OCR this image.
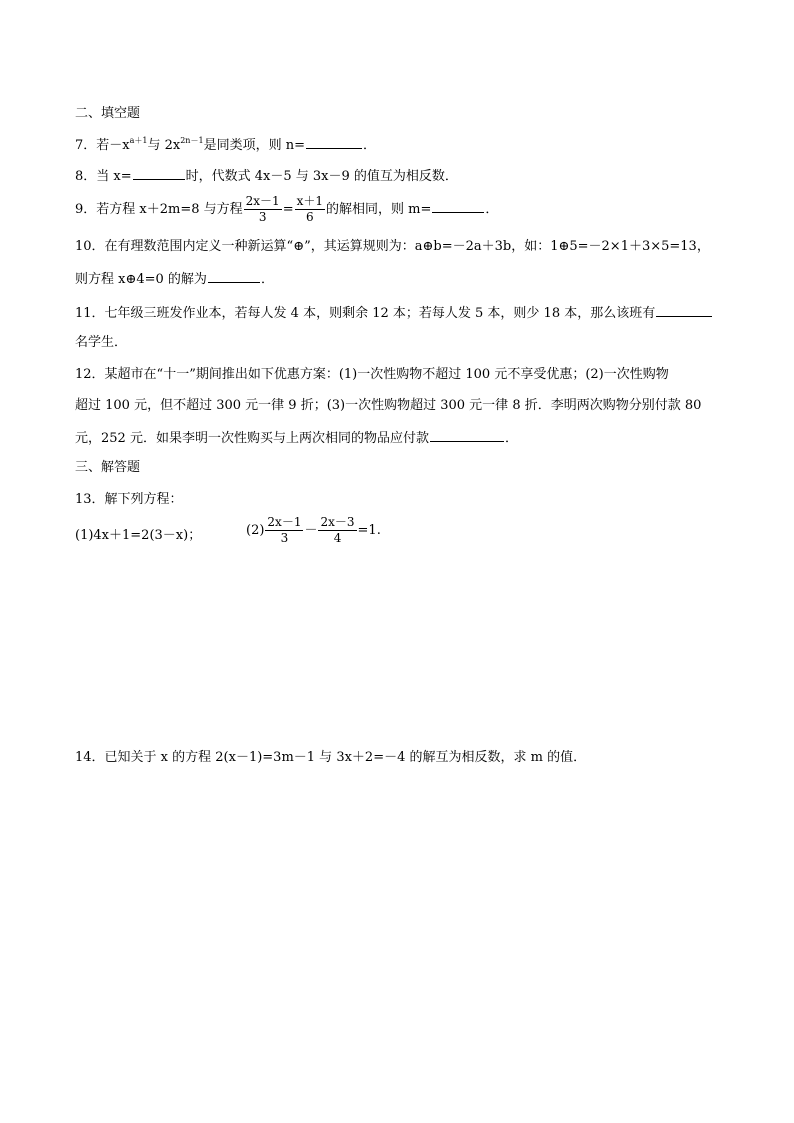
二、填空题
7．若$-x^{a+1}$与 $2x^{2n-1}$是同类项，则 n=	．
8．当 x=	时，代数式 4x－5 与 3x－9 的值互为相反数．
9．若方程 x＋2m=8 与方程 $\frac{2x-1}{3} = \frac{x+1}{6}$ 的解相同，则 m=	．
10．在有理数范围内定义一种新运算“⊕”，其运算规则为：a⊕b=－2a＋3b，如：1⊕5=－2×1＋3×5=13，
则方程 x⊕4=0 的解为	．
11．七年级三班发作业本，若每人发 4 本，则剩余 12 本；若每人发 5 本，则少 18 本，那么该班有
名学生．
12．某超市在“十一”期间推出如下优惠方案：(1)一次性购物不超过 100 元不享受优惠；(2)一次性购物
超过 100 元，但不超过 300 元一律 9 折；(3)一次性购物超过 300 元一律 8 折．李明两次购物分别付款 80
元，252 元．如果李明一次性购买与上两次相同的物品应付款	．
三、解答题
13．解下列方程：
(1)4x＋1=2(3－x)；	$(2) \frac{2x-1}{3} - \frac{2x-3}{4} =1$.
14．已知关于 x 的方程 2(x－1)=3m－1 与 3x＋2=－4 的解互为相反数，求 m 的值．
